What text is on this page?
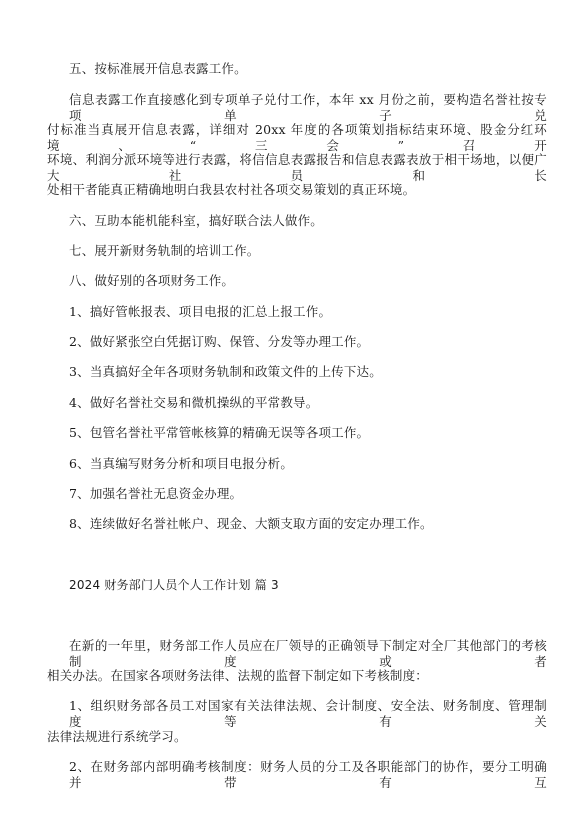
五、按标准展开信息表露工作。

信息表露工作直接感化到专项单子兑付工作，本年 xx 月份之前，要构造名誉社按专项单子兑

付标准当真展开信息表露，详细对 20xx 年度的各项策划指标结束环境、股金分红环境、“三会”召开

环境、利润分派环境等进行表露，将信信息表露报告和信息表露表放于相干场地，以便广大社员和长

处相干者能真正精确地明白我县农村社各项交易策划的真正环境。

六、互助本能机能科室，搞好联合法人做作。

七、展开新财务轨制的培训工作。

八、做好别的各项财务工作。

1、搞好管帐报表、项目电报的汇总上报工作。

2、做好紧张空白凭据订购、保管、分发等办理工作。

3、当真搞好全年各项财务轨制和政策文件的上传下达。

4、做好名誉社交易和微机操纵的平常教导。

5、包管名誉社平常管帐核算的精确无误等各项工作。

6、当真编写财务分析和项目电报分析。

7、加强名誉社无息资金办理。

8、连续做好名誉社帐户、现金、大额支取方面的安定办理工作。

2024 财务部门人员个人工作计划 篇 3

在新的一年里，财务部工作人员应在厂领导的正确领导下制定对全厂其他部门的考核制度或者

相关办法。在国家各项财务法律、法规的监督下制定如下考核制度：

1、组织财务部各员工对国家有关法律法规、会计制度、安全法、财务制度、管理制度等有关

法律法规进行系统学习。

2、在财务部内部明确考核制度：财务人员的分工及各职能部门的协作，要分工明确并带有互
